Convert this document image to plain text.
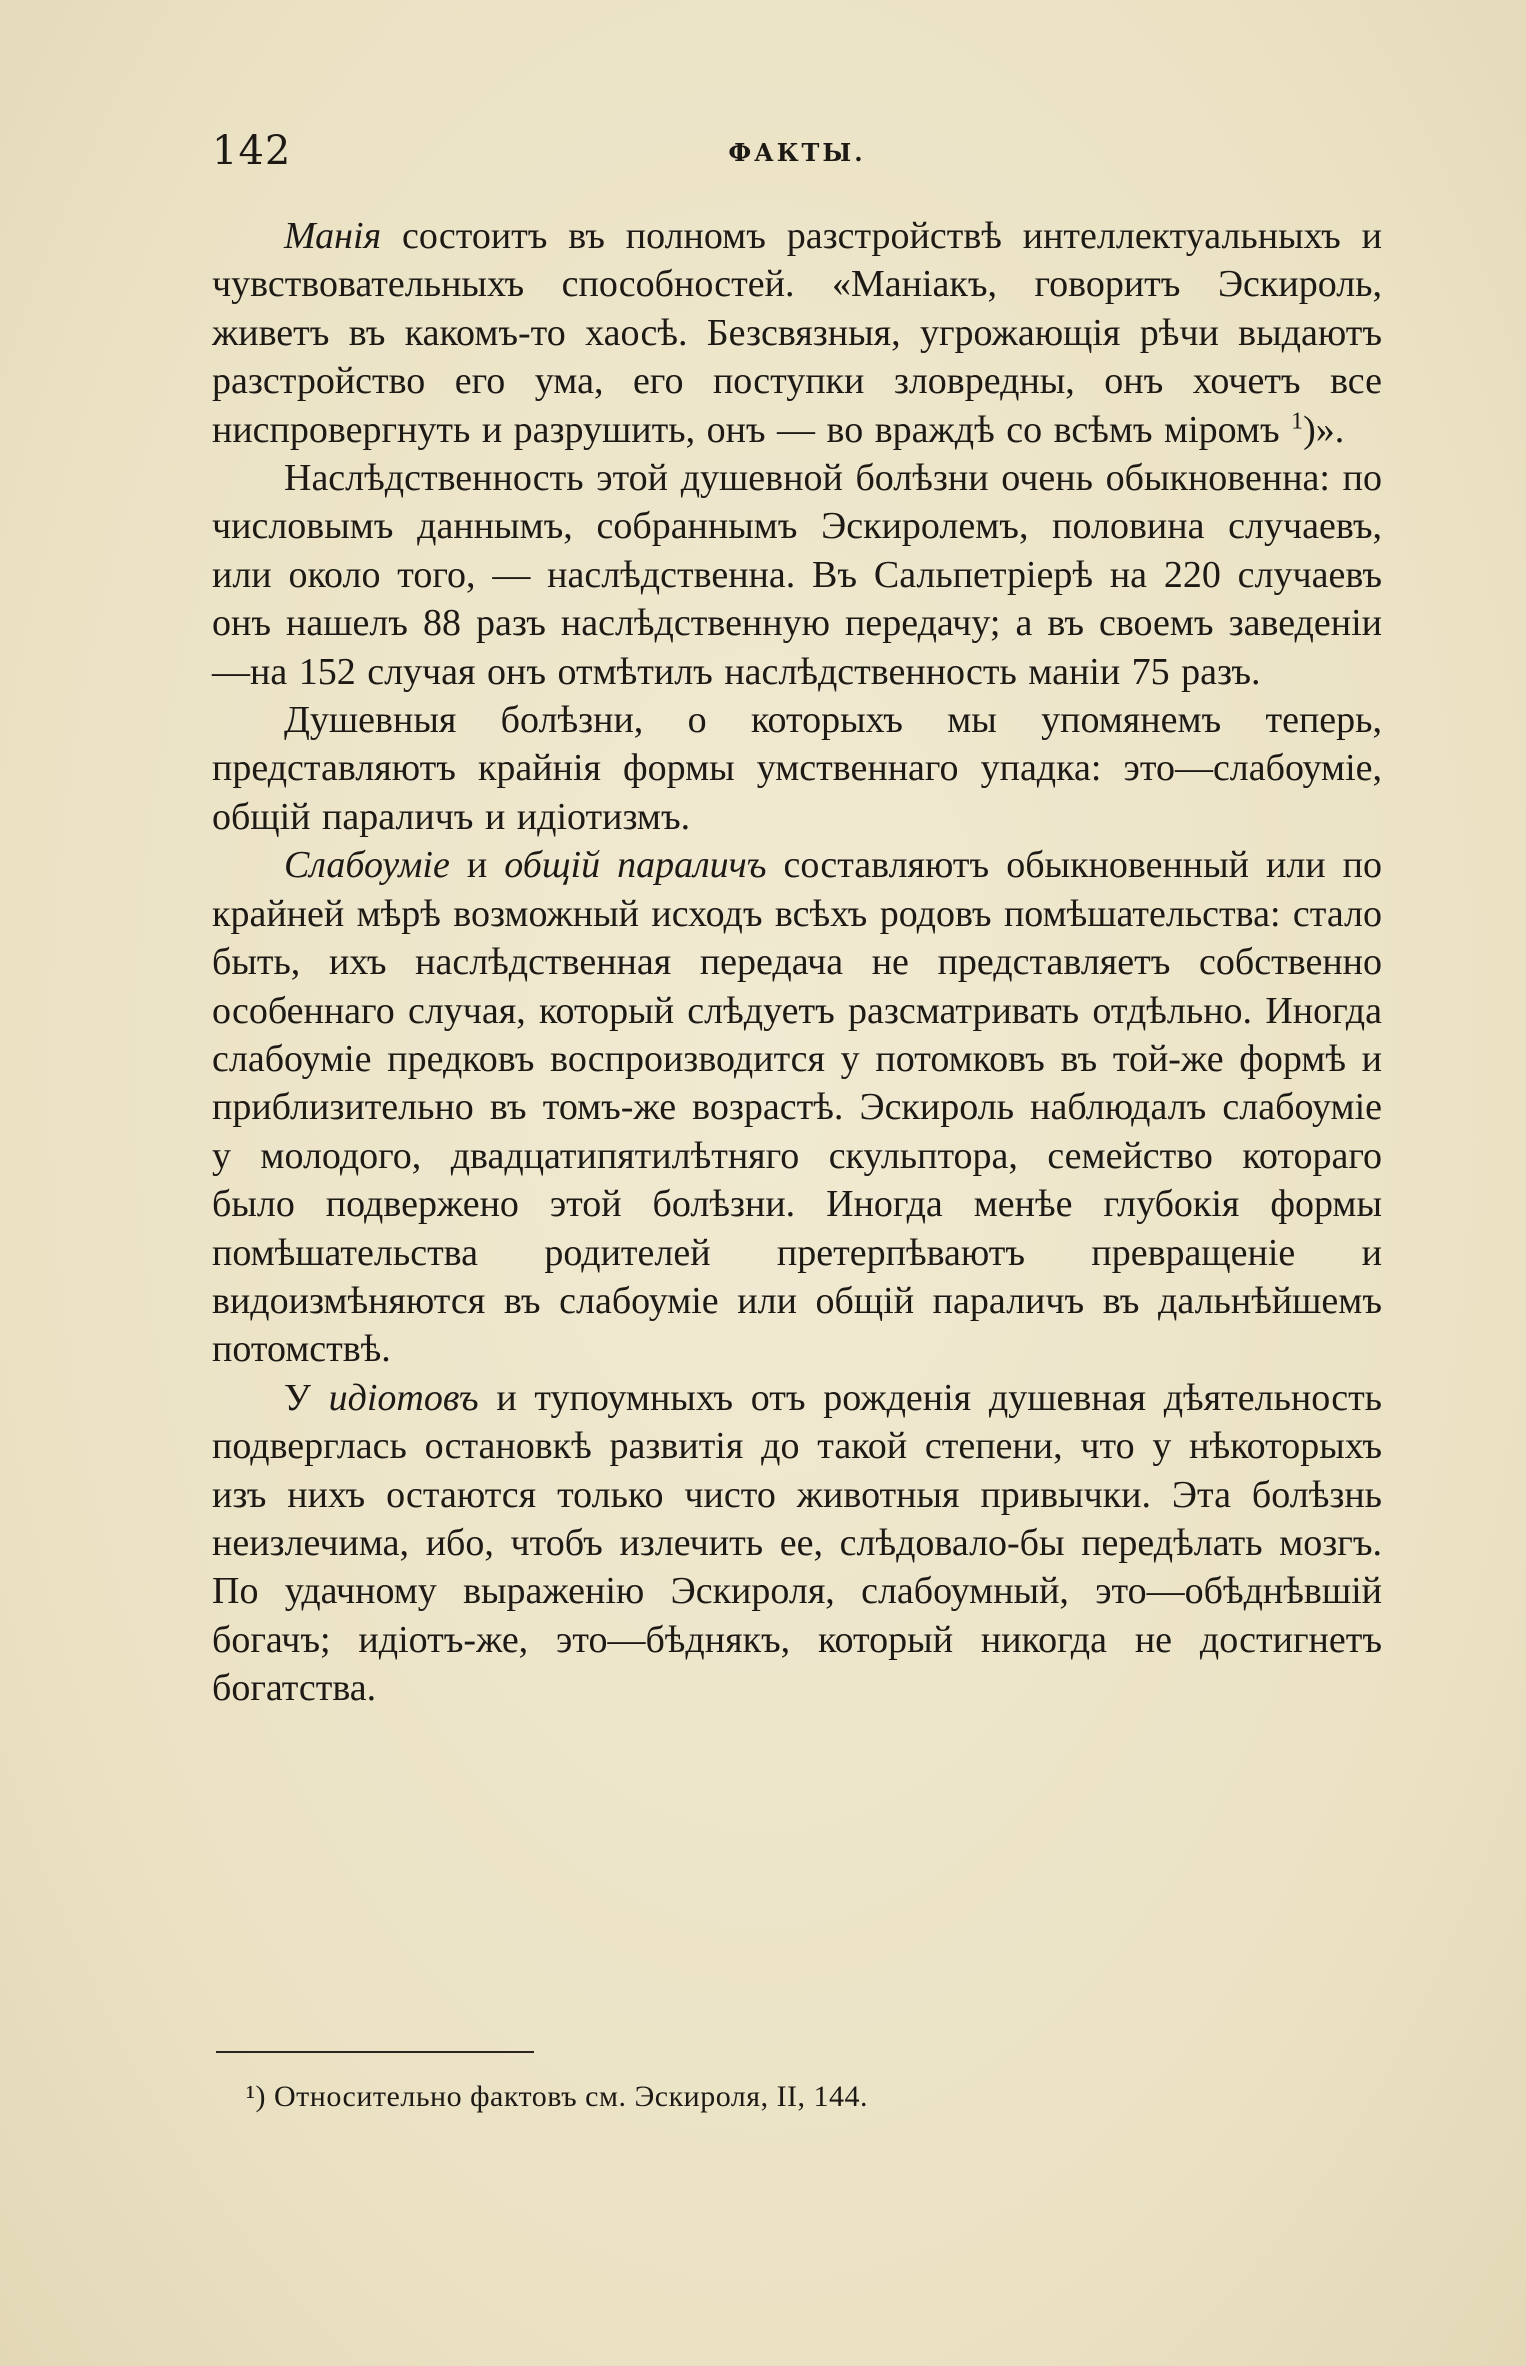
142	ФАКТЫ.

Манія состоитъ въ полномъ разстройствѣ интеллектуальныхъ и чувствовательныхъ способностей. «Маніакъ, говоритъ Эскироль, живетъ въ какомъ-то хаосѣ. Безсвязныя, угрожающія рѣчи выдаютъ разстройство его ума, его поступки зловредны, онъ хочетъ все ниспровергнуть и разрушить, онъ — во враждѣ со всѣмъ міромъ $^1$)».

Наслѣдственность этой душевной болѣзни очень обыкновенна: по числовымъ даннымъ, собраннымъ Эскиролемъ, половина случаевъ, или около того, — наслѣдственна. Въ Сальпетріерѣ на 220 случаевъ онъ нашелъ 88 разъ наслѣдственную передачу; а въ своемъ заведеніи—на 152 случая онъ отмѣтилъ наслѣдственность маніи 75 разъ.

Душевныя болѣзни, о которыхъ мы упомянемъ теперь, представляютъ крайнія формы умственнаго упадка: это—слабоуміе, общій параличъ и идіотизмъ.

Слабоуміе и общій параличъ составляютъ обыкновенный или по крайней мѣрѣ возможный исходъ всѣхъ родовъ помѣшательства: стало быть, ихъ наслѣдственная передача не представляетъ собственно особеннаго случая, который слѣдуетъ разсматривать отдѣльно. Иногда слабоуміе предковъ воспроизводится у потомковъ въ той-же формѣ и приблизительно въ томъ-же возрастѣ. Эскироль наблюдалъ слабоуміе у молодого, двадцатипятилѣтняго скульптора, семейство котораго было подвержено этой болѣзни. Иногда менѣе глубокія формы помѣшательства родителей претерпѣваютъ превращеніе и видоизмѣняются въ слабоуміе или общій параличъ въ дальнѣйшемъ потомствѣ.

У идіотовъ и тупоумныхъ отъ рожденія душевная дѣятельность подверглась остановкѣ развитія до такой степени, что у нѣкоторыхъ изъ нихъ остаются только чисто животныя привычки. Эта болѣзнь неизлечима, ибо, чтобъ излечить ее, слѣдовало-бы передѣлать мозгъ. По удачному выраженію Эскироля, слабоумный, это—обѣднѣвшій богачъ; идіотъ-же, это—бѣднякъ, который никогда не достигнетъ богатства.

¹) Относительно фактовъ см. Эскироля, II, 144.
